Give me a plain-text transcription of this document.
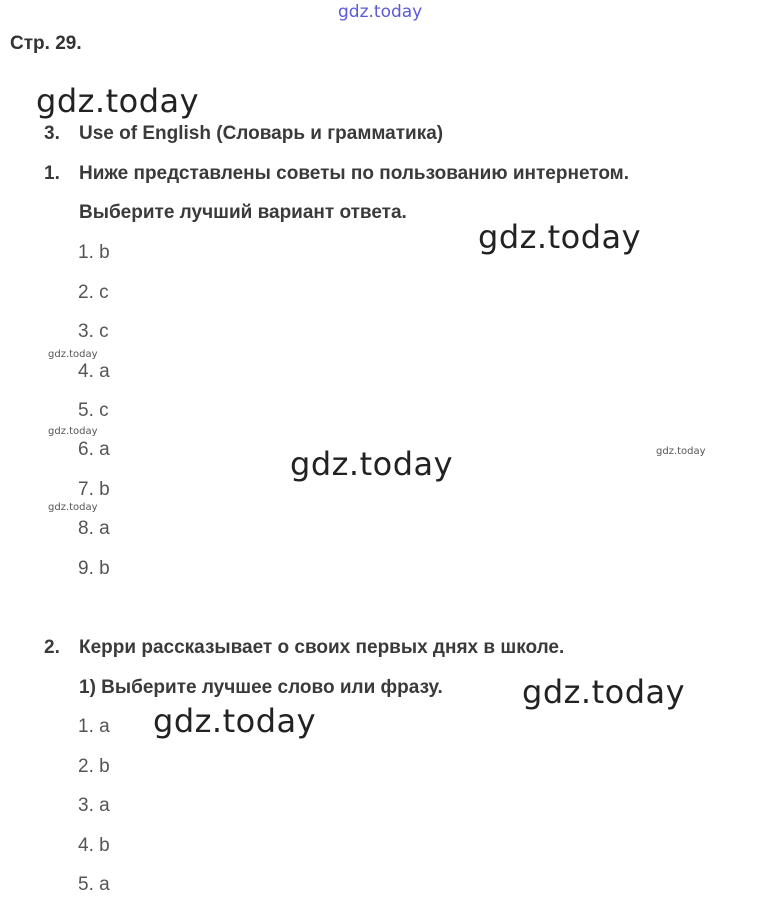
gdz.today
Стр. 29.
gdz.today
gdz.today
gdz.today
gdz.today
gdz.today
gdz.today
gdz.today
gdz.today
gdz.today
3. Use of English (Словарь и грамматика)
1. Ниже представлены советы по пользованию интернетом.
Выберите лучший вариант ответа.
1. b
2. c
3. c
4. a
5. c
6. a
7. b
8. a
9. b
2. Керри рассказывает о своих первых днях в школе.
1) Выберите лучшее слово или фразу.
1. a
2. b
3. a
4. b
5. a
